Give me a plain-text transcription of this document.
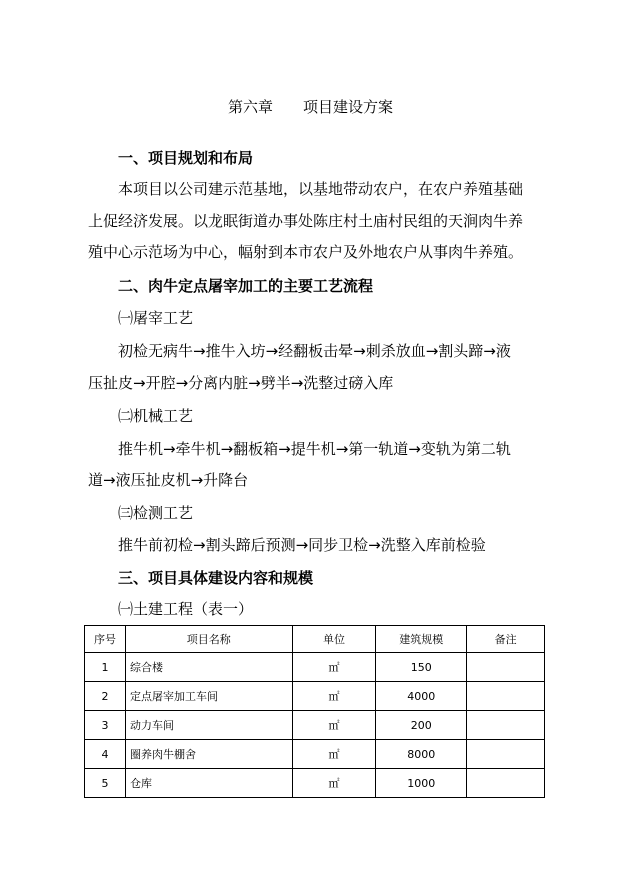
第六章 项目建设方案
一、项目规划和布局
本项目以公司建示范基地，以基地带动农户，在农户养殖基础
上促经济发展。以龙眠街道办事处陈庄村土庙村民组的天涧肉牛养
殖中心示范场为中心，幅射到本市农户及外地农户从事肉牛养殖。
二、肉牛定点屠宰加工的主要工艺流程
㈠屠宰工艺
初检无病牛→推牛入坊→经翻板击晕→刺杀放血→割头蹄→液
压扯皮→开腔→分离内脏→劈半→洗整过磅入库
㈡机械工艺
推牛机→牵牛机→翻板箱→提牛机→第一轨道→变轨为第二轨
道→液压扯皮机→升降台
㈢检测工艺
推牛前初检→割头蹄后预测→同步卫检→洗整入库前检验
三、项目具体建设内容和规模
㈠土建工程（表一）
序号	项目名称	单位	建筑规模	备注
1	综合楼	㎡	150	
2	定点屠宰加工车间	㎡	4000	
3	动力车间	㎡	200	
4	圈养肉牛棚舍	㎡	8000	
5	仓库	㎡	1000	
